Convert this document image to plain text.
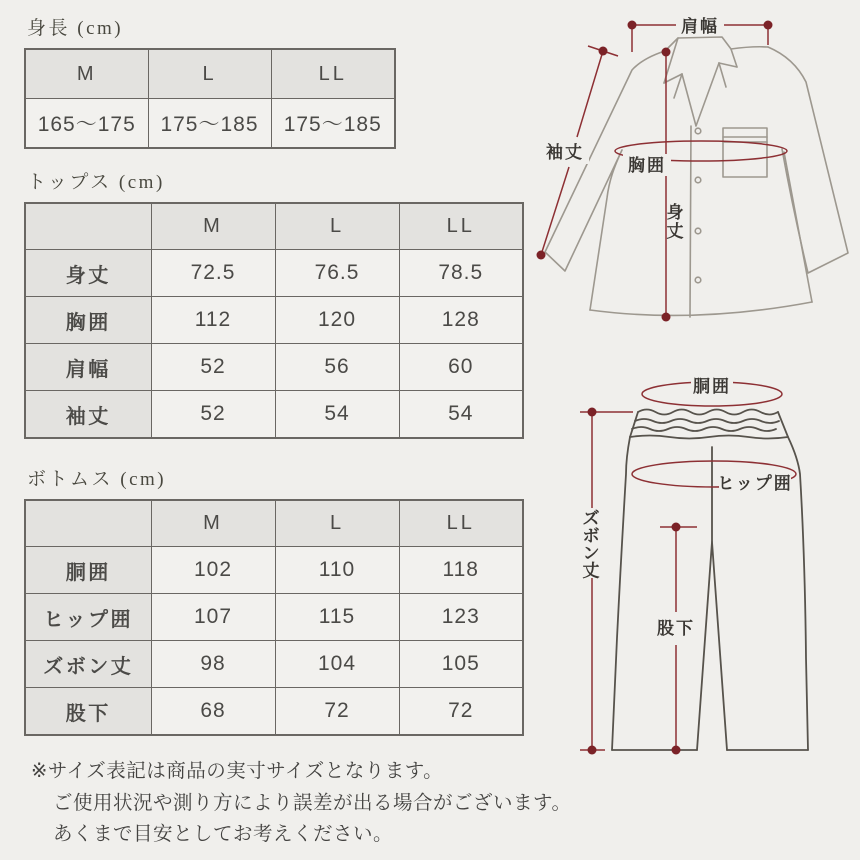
身長 (cm)
M	L	LL
165〜175	175〜185	175〜185
トップス (cm)
	M	L	LL
身丈	72.5	76.5	78.5
胸囲	112	120	128
肩幅	52	56	60
袖丈	52	54	54
ボトムス (cm)
	M	L	LL
胴囲	102	110	118
ヒップ囲	107	115	123
ズボン丈	98	104	105
股下	68	72	72
肩幅
袖丈
胸囲
身丈
胴囲
ヒップ囲
ズボン丈
股下
※サイズ表記は商品の実寸サイズとなります。
ご使用状況や測り方により誤差が出る場合がございます。
あくまで目安としてお考えください。
